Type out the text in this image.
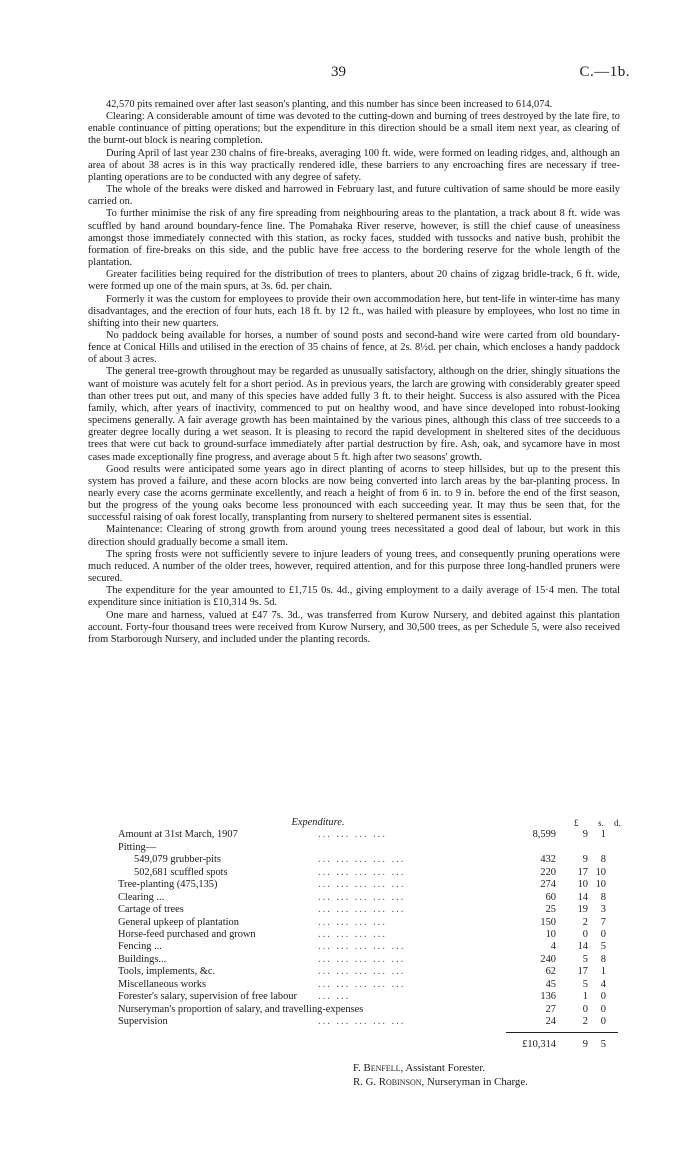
39	C.—1b.

42,570 pits remained over after last season's planting, and this number has since been increased to 614,074.

Clearing: A considerable amount of time was devoted to the cutting-down and burning of trees destroyed by the late fire, to enable continuance of pitting operations; but the expenditure in this direction should be a small item next year, as clearing of the burnt-out block is nearing completion.

During April of last year 230 chains of fire-breaks, averaging 100 ft. wide, were formed on leading ridges, and, although an area of about 38 acres is in this way practically rendered idle, these barriers to any encroaching fires are necessary if tree-planting operations are to be conducted with any degree of safety.

The whole of the breaks were disked and harrowed in February last, and future cultivation of same should be more easily carried on.

To further minimise the risk of any fire spreading from neighbouring areas to the plantation, a track about 8 ft. wide was scuffled by hand around boundary-fence line. The Pomahaka River reserve, however, is still the chief cause of uneasiness amongst those immediately connected with this station, as rocky faces, studded with tussocks and native bush, prohibit the formation of fire-breaks on this side, and the public have free access to the bordering reserve for the whole length of the plantation.

Greater facilities being required for the distribution of trees to planters, about 20 chains of zigzag bridle-track, 6 ft. wide, were formed up one of the main spurs, at 3s. 6d. per chain.

Formerly it was the custom for employees to provide their own accommodation here, but tent-life in winter-time has many disadvantages, and the erection of four huts, each 18 ft. by 12 ft., was hailed with pleasure by employees, who lost no time in shifting into their new quarters.

No paddock being available for horses, a number of sound posts and second-hand wire were carted from old boundary-fence at Conical Hills and utilised in the erection of 35 chains of fence, at 2s. 8½d. per chain, which encloses a handy paddock of about 3 acres.

The general tree-growth throughout may be regarded as unusually satisfactory, although on the drier, shingly situations the want of moisture was acutely felt for a short period. As in previous years, the larch are growing with considerably greater speed than other trees put out, and many of this species have added fully 3 ft. to their height. Success is also assured with the Picea family, which, after years of inactivity, commenced to put on healthy wood, and have since developed into robust-looking specimens generally. A fair average growth has been maintained by the various pines, although this class of tree succeeds to a greater degree locally during a wet season. It is pleasing to record the rapid development in sheltered sites of the deciduous trees that were cut back to ground-surface immediately after partial destruction by fire. Ash, oak, and sycamore have in most cases made exceptionally fine progress, and average about 5 ft. high after two seasons' growth.

Good results were anticipated some years ago in direct planting of acorns to steep hillsides, but up to the present this system has proved a failure, and these acorn blocks are now being converted into larch areas by the bar-planting process. In nearly every case the acorns germinate excellently, and reach a height of from 6 in. to 9 in. before the end of the first season, but the progress of the young oaks become less pronounced with each succeeding year. It may thus be seen that, for the successful raising of oak forest locally, transplanting from nursery to sheltered permanent sites is essential.

Maintenance: Clearing of strong growth from around young trees necessitated a good deal of labour, but work in this direction should gradually become a small item.

The spring frosts were not sufficiently severe to injure leaders of young trees, and consequently pruning operations were much reduced. A number of the older trees, however, required attention, and for this purpose three long-handled pruners were secured.

The expenditure for the year amounted to £1,715 0s. 4d., giving employment to a daily average of 15·4 men. The total expenditure since initiation is £10,314 9s. 5d.

One mare and harness, valued at £47 7s. 3d., was transferred from Kurow Nursery, and debited against this plantation account. Forty-four thousand trees were received from Kurow Nursery, and 30,500 trees, as per Schedule 5, were also received from Starborough Nursery, and included under the planting records.

Expenditure.	£ s. d.
Amount at 31st March, 1907	... ... ... ...	8,599	9	1
Pitting—
549,079 grubber-pits	... ... ... ... ...	432	9	8
502,681 scuffled spots	... ... ... ... ...	220	17 10
Tree-planting (475,135)	... ... ... ... ...	274	10 10
Clearing ...	... ... ... ... ...	60	14	8
Cartage of trees	... ... ... ... ...	25	19	3
General upkeep of plantation	... ... ... ...	150	2	7
Horse-feed purchased and grown	... ... ... ...	10	0	0
Fencing ...	... ... ... ... ...	4	14	5
Buildings...	... ... ... ... ...	240	5	8
Tools, implements, &c.	... ... ... ... ...	62	17	1
Miscellaneous works	... ... ... ... ...	45	5	4
Forester's salary, supervision of free labour ... ...	136	1	0
Nurseryman's proportion of salary, and travelling-expenses	27	0	0
Supervision	... ... ... ... ...	24	2	0
£10,314	9	5
F. Benfell, Assistant Forester.
R. G. Robinson, Nurseryman in Charge.
